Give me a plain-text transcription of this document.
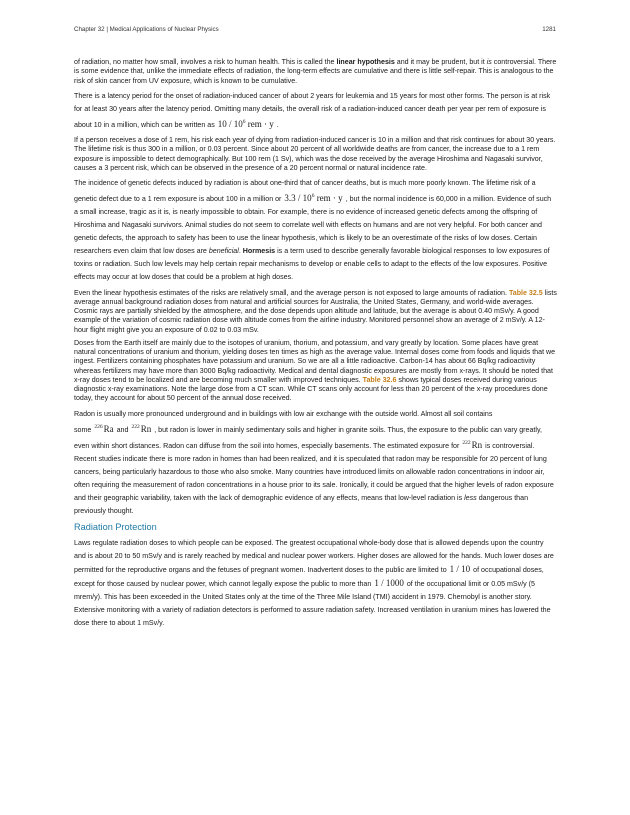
Chapter 32 | Medical Applications of Nuclear Physics	1281

of radiation, no matter how small, involves a risk to human health. This is called the linear hypothesis and it may be prudent, but it is controversial. There is some evidence that, unlike the immediate effects of radiation, the long-term effects are cumulative and there is little self-repair. This is analogous to the risk of skin cancer from UV exposure, which is known to be cumulative.

There is a latency period for the onset of radiation-induced cancer of about 2 years for leukemia and 15 years for most other forms. The person is at risk for at least 30 years after the latency period. Omitting many details, the overall risk of a radiation-induced cancer death per year per rem of exposure is about 10 in a million, which can be written as $10 / 10^6$ rem · y .

If a person receives a dose of 1 rem, his risk each year of dying from radiation-induced cancer is 10 in a million and that risk continues for about 30 years. The lifetime risk is thus 300 in a million, or 0.03 percent. Since about 20 percent of all worldwide deaths are from cancer, the increase due to a 1 rem exposure is impossible to detect demographically. But 100 rem (1 Sv), which was the dose received by the average Hiroshima and Nagasaki survivor, causes a 3 percent risk, which can be observed in the presence of a 20 percent normal or natural incidence rate.

The incidence of genetic defects induced by radiation is about one-third that of cancer deaths, but is much more poorly known. The lifetime risk of a genetic defect due to a 1 rem exposure is about 100 in a million or $3.3 / 10^6$ rem · y , but the normal incidence is 60,000 in a million. Evidence of such a small increase, tragic as it is, is nearly impossible to obtain. For example, there is no evidence of increased genetic defects among the offspring of Hiroshima and Nagasaki survivors. Animal studies do not seem to correlate well with effects on humans and are not very helpful. For both cancer and genetic defects, the approach to safety has been to use the linear hypothesis, which is likely to be an overestimate of the risks of low doses. Certain researchers even claim that low doses are beneficial. Hormesis is a term used to describe generally favorable biological responses to low exposures of toxins or radiation. Such low levels may help certain repair mechanisms to develop or enable cells to adapt to the effects of the low exposures. Positive effects may occur at low doses that could be a problem at high doses.

Even the linear hypothesis estimates of the risks are relatively small, and the average person is not exposed to large amounts of radiation. Table 32.5 lists average annual background radiation doses from natural and artificial sources for Australia, the United States, Germany, and world-wide averages. Cosmic rays are partially shielded by the atmosphere, and the dose depends upon altitude and latitude, but the average is about 0.40 mSv/y. A good example of the variation of cosmic radiation dose with altitude comes from the airline industry. Monitored personnel show an average of 2 mSv/y. A 12-hour flight might give you an exposure of 0.02 to 0.03 mSv.

Doses from the Earth itself are mainly due to the isotopes of uranium, thorium, and potassium, and vary greatly by location. Some places have great natural concentrations of uranium and thorium, yielding doses ten times as high as the average value. Internal doses come from foods and liquids that we ingest. Fertilizers containing phosphates have potassium and uranium. So we are all a little radioactive. Carbon-14 has about 66 Bq/kg radioactivity whereas fertilizers may have more than 3000 Bq/kg radioactivity. Medical and dental diagnostic exposures are mostly from x-rays. It should be noted that x-ray doses tend to be localized and are becoming much smaller with improved techniques. Table 32.6 shows typical doses received during various diagnostic x-ray examinations. Note the large dose from a CT scan. While CT scans only account for less than 20 percent of the x-ray procedures done today, they account for about 50 percent of the annual dose received.

Radon is usually more pronounced underground and in buildings with low air exchange with the outside world. Almost all soil contains some $^{226}$Ra and $^{222}$Rn , but radon is lower in mainly sedimentary soils and higher in granite soils. Thus, the exposure to the public can vary greatly, even within short distances. Radon can diffuse from the soil into homes, especially basements. The estimated exposure for $^{222}$Rn is controversial. Recent studies indicate there is more radon in homes than had been realized, and it is speculated that radon may be responsible for 20 percent of lung cancers, being particularly hazardous to those who also smoke. Many countries have introduced limits on allowable radon concentrations in indoor air, often requiring the measurement of radon concentrations in a house prior to its sale. Ironically, it could be argued that the higher levels of radon exposure and their geographic variability, taken with the lack of demographic evidence of any effects, means that low-level radiation is less dangerous than previously thought.

Radiation Protection

Laws regulate radiation doses to which people can be exposed. The greatest occupational whole-body dose that is allowed depends upon the country and is about 20 to 50 mSv/y and is rarely reached by medical and nuclear power workers. Higher doses are allowed for the hands. Much lower doses are permitted for the reproductive organs and the fetuses of pregnant women. Inadvertent doses to the public are limited to 1 / 10 of occupational doses, except for those caused by nuclear power, which cannot legally expose the public to more than 1 / 1000 of the occupational limit or 0.05 mSv/y (5 mrem/y). This has been exceeded in the United States only at the time of the Three Mile Island (TMI) accident in 1979. Chernobyl is another story. Extensive monitoring with a variety of radiation detectors is performed to assure radiation safety. Increased ventilation in uranium mines has lowered the dose there to about 1 mSv/y.
